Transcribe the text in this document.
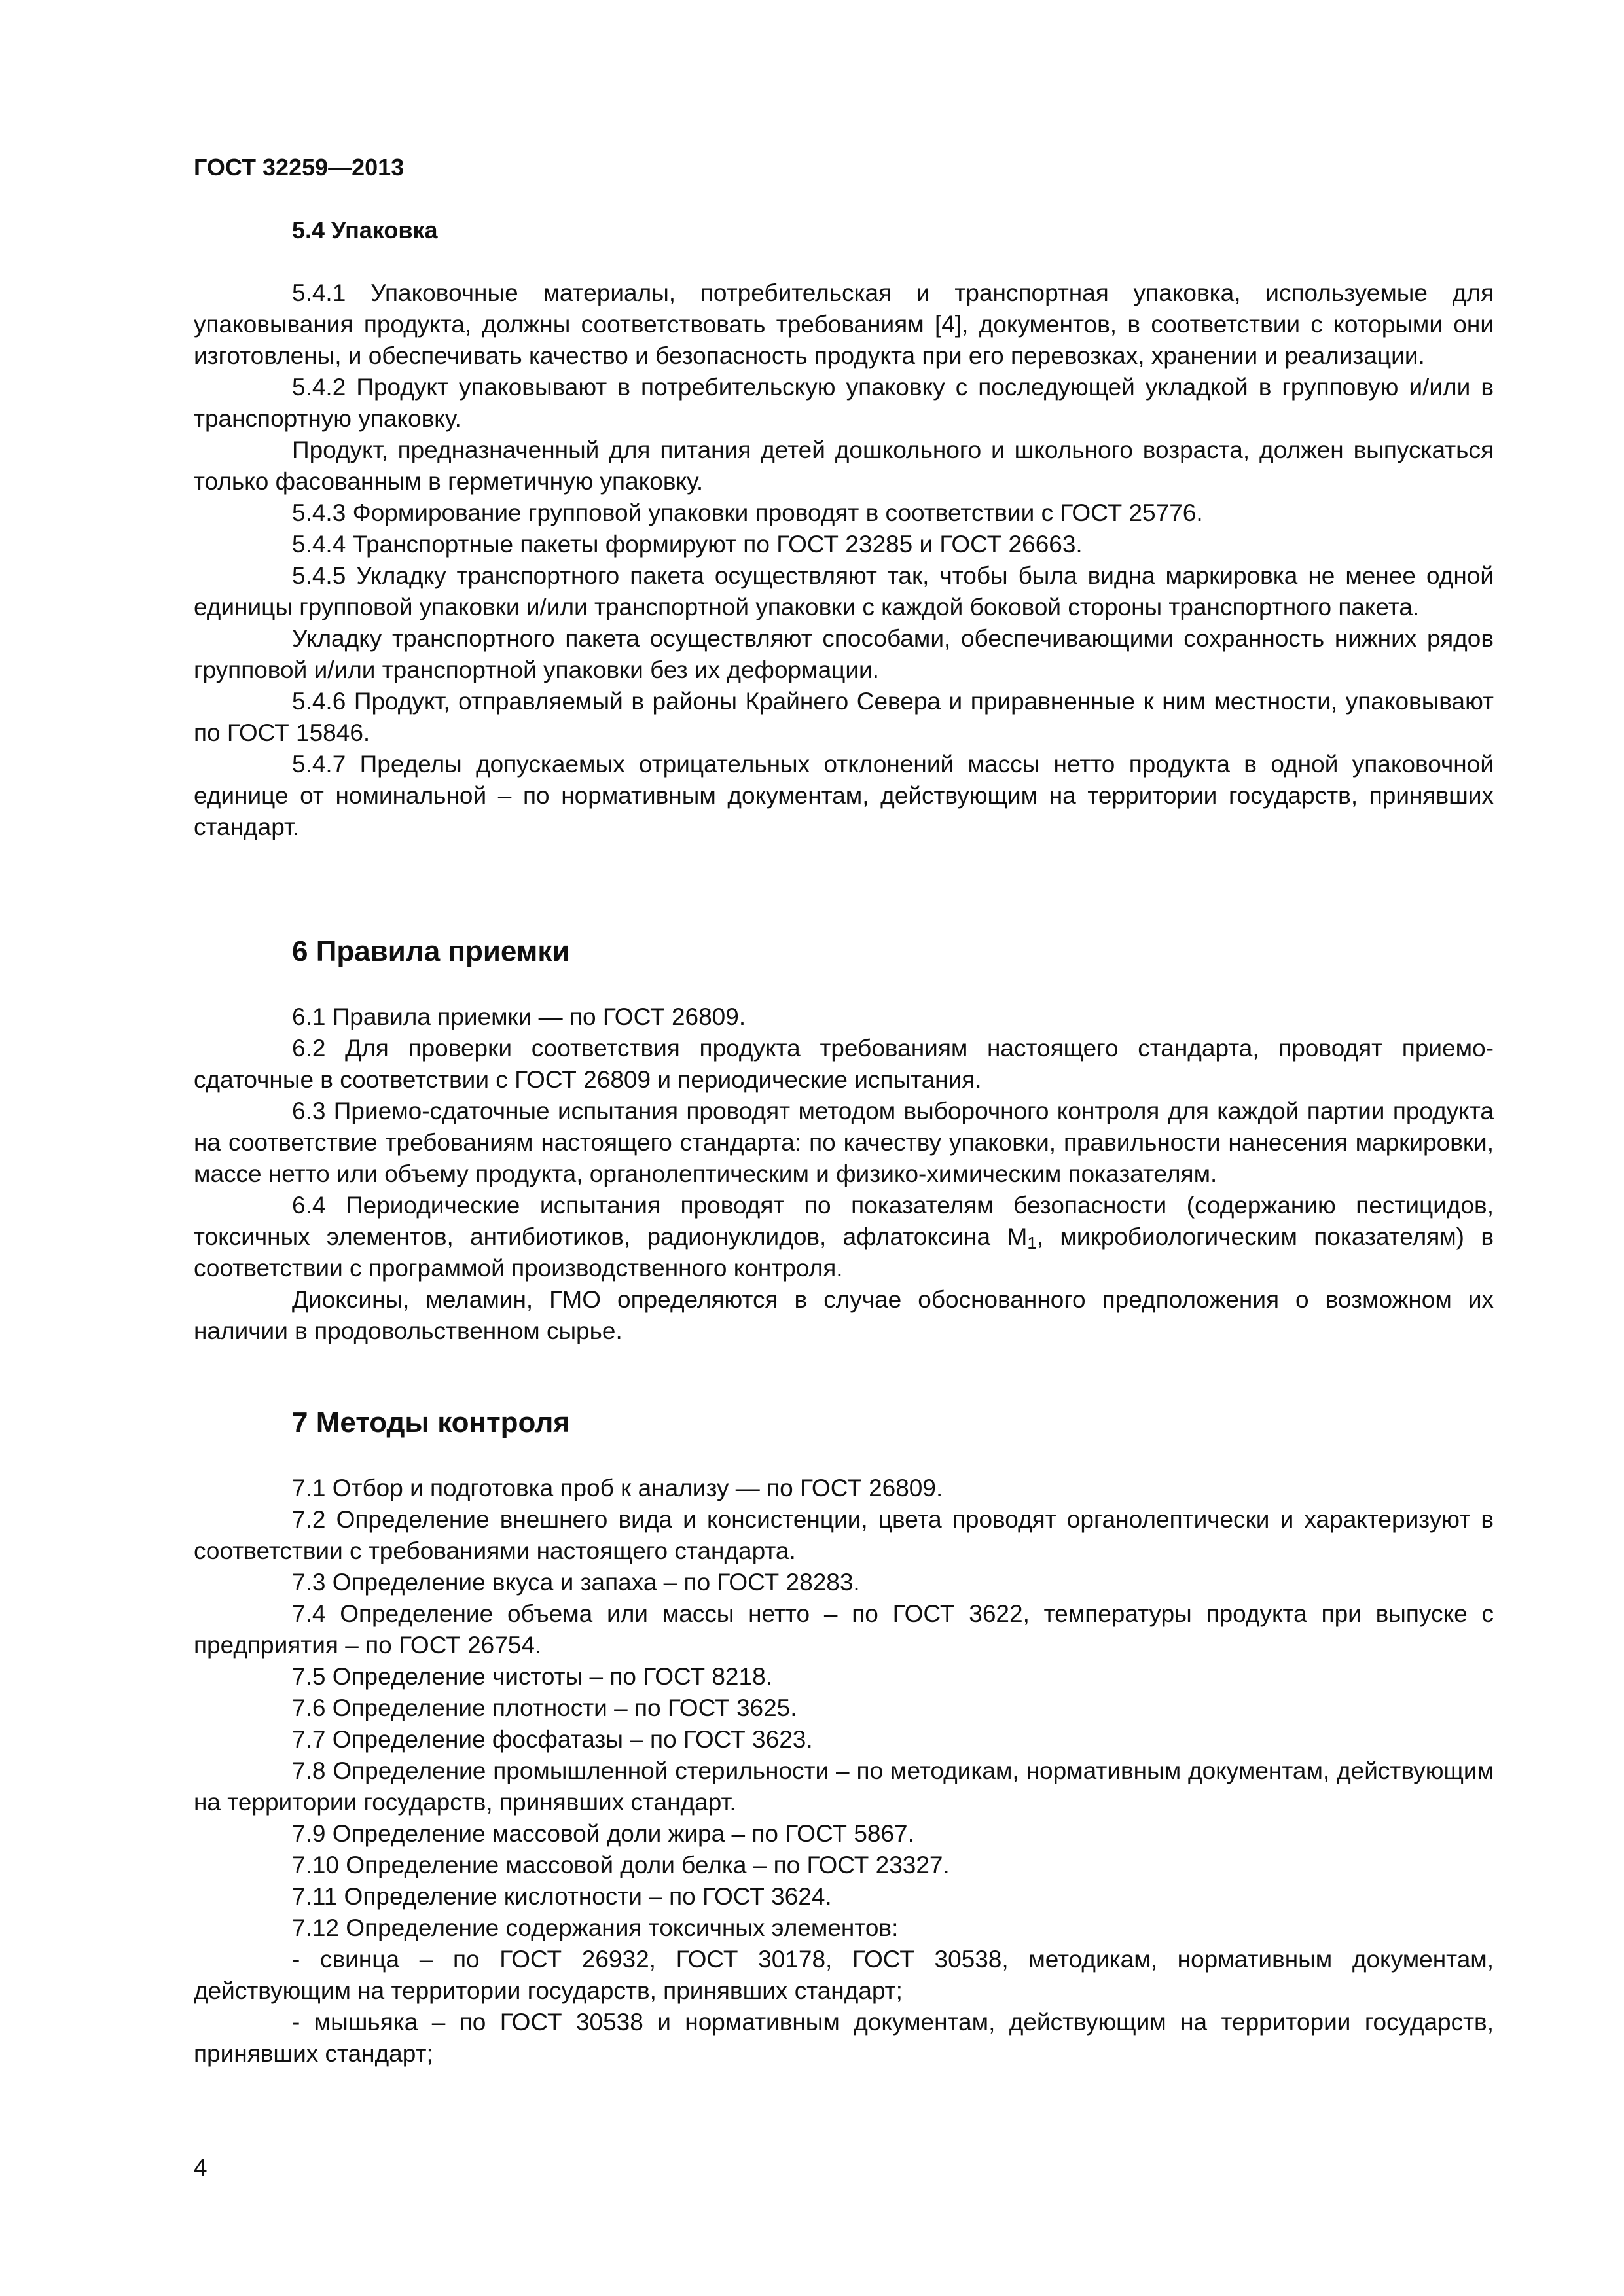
ГОСТ 32259—2013
5.4 Упаковка

5.4.1 Упаковочные материалы, потребительская и транспортная упаковка, используемые для упаковывания продукта, должны соответствовать требованиям [4], документов, в соответствии с которыми они изготовлены, и обеспечивать качество и безопасность продукта при его перевозках, хранении и реализации.

5.4.2 Продукт упаковывают в потребительскую упаковку с последующей укладкой в групповую и/или в транспортную упаковку.

Продукт, предназначенный для питания детей дошкольного и школьного возраста, должен выпускаться только фасованным в герметичную упаковку.

5.4.3 Формирование групповой упаковки проводят в соответствии с ГОСТ 25776.

5.4.4 Транспортные пакеты формируют по ГОСТ 23285 и ГОСТ 26663.

5.4.5 Укладку транспортного пакета осуществляют так, чтобы была видна маркировка не менее одной единицы групповой упаковки и/или транспортной упаковки с каждой боковой стороны транспортного пакета.

Укладку транспортного пакета осуществляют способами, обеспечивающими сохранность нижних рядов групповой и/или транспортной упаковки без их деформации.

5.4.6 Продукт, отправляемый в районы Крайнего Севера и приравненные к ним местности, упаковывают по ГОСТ 15846.

5.4.7 Пределы допускаемых отрицательных отклонений массы нетто продукта в одной упаковочной единице от номинальной – по нормативным документам, действующим на территории государств, принявших стандарт.

6 Правила приемки

6.1 Правила приемки — по ГОСТ 26809.

6.2 Для проверки соответствия продукта требованиям настоящего стандарта, проводят приемо-сдаточные в соответствии с ГОСТ 26809 и периодические испытания.

6.3 Приемо-сдаточные испытания проводят методом выборочного контроля для каждой партии продукта на соответствие требованиям настоящего стандарта: по качеству упаковки, правильности нанесения маркировки, массе нетто или объему продукта, органолептическим и физико-химическим показателям.

6.4 Периодические испытания проводят по показателям безопасности (содержанию пестицидов, токсичных элементов, антибиотиков, радионуклидов, афлатоксина $М_1$, микробиологическим показателям) в соответствии с программой производственного контроля.

Диоксины, меламин, ГМО определяются в случае обоснованного предположения о возможном их наличии в продовольственном сырье.

7 Методы контроля

7.1 Отбор и подготовка проб к анализу — по ГОСТ 26809.

7.2 Определение внешнего вида и консистенции, цвета проводят органолептически и характеризуют в соответствии с требованиями настоящего стандарта.

7.3 Определение вкуса и запаха – по ГОСТ 28283.

7.4 Определение объема или массы нетто – по ГОСТ 3622, температуры продукта при выпуске с предприятия – по ГОСТ 26754.

7.5 Определение чистоты – по ГОСТ 8218.

7.6 Определение плотности – по ГОСТ 3625.

7.7 Определение фосфатазы – по ГОСТ 3623.

7.8 Определение промышленной стерильности – по методикам, нормативным документам, действующим на территории государств, принявших стандарт.

7.9 Определение массовой доли жира – по ГОСТ 5867.

7.10 Определение массовой доли белка – по ГОСТ 23327.

7.11 Определение кислотности – по ГОСТ 3624.

7.12 Определение содержания токсичных элементов:

- свинца – по ГОСТ 26932, ГОСТ 30178, ГОСТ 30538, методикам, нормативным документам, действующим на территории государств, принявших стандарт;

- мышьяка – по ГОСТ 30538 и нормативным документам, действующим на территории государств, принявших стандарт;

4
